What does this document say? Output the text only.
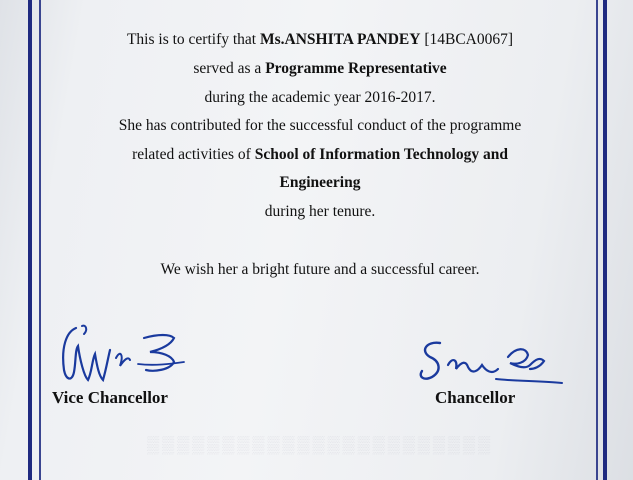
This is to certify that Ms.ANSHITA PANDEY [14BCA0067]
served as a Programme Representative
during the academic year 2016-2017.
She has contributed for the successful conduct of the programme
related activities of School of Information Technology and
Engineering
during her tenure.
We wish her a bright future and a successful career.
Vice Chancellor	Chancellor
▒▒▒▒▒▒▒▒▒▒▒▒▒▒▒▒▒▒▒▒▒▒▒
